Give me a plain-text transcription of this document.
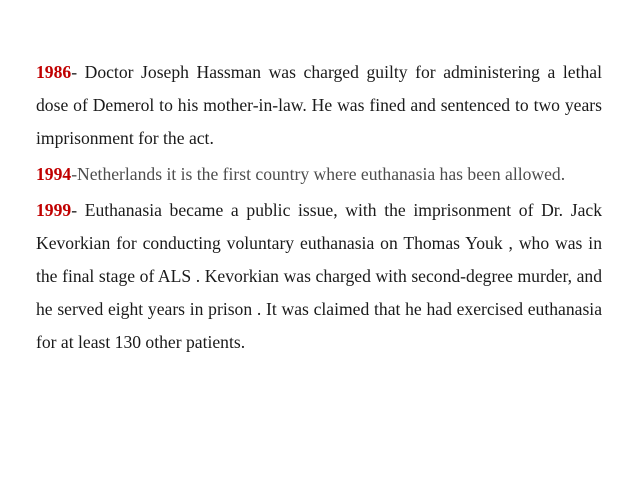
1986- Doctor Joseph Hassman was charged guilty for administering a lethal dose of Demerol to his mother-in-law. He was fined and sentenced to two years imprisonment for the act.

1994-Netherlands it is the first country where euthanasia has been allowed.

1999- Euthanasia became a public issue, with the imprisonment of Dr. Jack Kevorkian for conducting voluntary euthanasia on Thomas Youk , who was in the final stage of ALS . Kevorkian was charged with second-degree murder, and he served eight years in prison . It was claimed that he had exercised euthanasia for at least 130 other patients.
